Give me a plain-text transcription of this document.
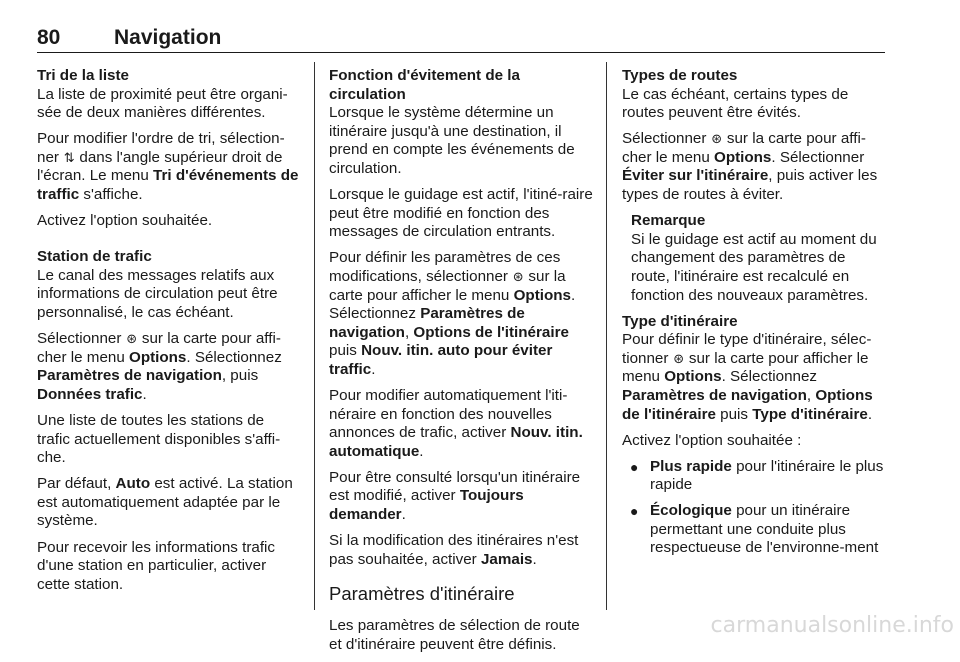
80	Navigation
Tri de la liste

La liste de proximité peut être organi-sée de deux manières différentes.

Pour modifier l'ordre de tri, sélection-ner ⇅ dans l'angle supérieur droit de l'écran. Le menu Tri d'événements de traffic s'affiche.

Activez l'option souhaitée.

Station de trafic

Le canal des messages relatifs aux informations de circulation peut être personnalisé, le cas échéant.

Sélectionner ⊛ sur la carte pour affi-cher le menu Options. Sélectionnez Paramètres de navigation, puis Données trafic.

Une liste de toutes les stations de trafic actuellement disponibles s'affi-che.

Par défaut, Auto est activé. La station est automatiquement adaptée par le système.

Pour recevoir les informations trafic d'une station en particulier, activer cette station.

Fonction d'évitement de la circulation

Lorsque le système détermine un itinéraire jusqu'à une destination, il prend en compte les événements de circulation.

Lorsque le guidage est actif, l'itiné-raire peut être modifié en fonction des messages de circulation entrants.

Pour définir les paramètres de ces modifications, sélectionner ⊛ sur la carte pour afficher le menu Options. Sélectionnez Paramètres de navigation, Options de l'itinéraire puis Nouv. itin. auto pour éviter traffic.

Pour modifier automatiquement l'iti-néraire en fonction des nouvelles annonces de trafic, activer Nouv. itin. automatique.

Pour être consulté lorsqu'un itinéraire est modifié, activer Toujours demander.

Si la modification des itinéraires n'est pas souhaitée, activer Jamais.

Paramètres d'itinéraire

Les paramètres de sélection de route et d'itinéraire peuvent être définis.

Types de routes

Le cas échéant, certains types de routes peuvent être évités.

Sélectionner ⊛ sur la carte pour affi-cher le menu Options. Sélectionner Éviter sur l'itinéraire, puis activer les types de routes à éviter.

Remarque

Si le guidage est actif au moment du changement des paramètres de route, l'itinéraire est recalculé en fonction des nouveaux paramètres.

Type d'itinéraire

Pour définir le type d'itinéraire, sélec-tionner ⊛ sur la carte pour afficher le menu Options. Sélectionnez Paramètres de navigation, Options de l'itinéraire puis Type d'itinéraire.

Activez l'option souhaitée :

● Plus rapide pour l'itinéraire le plus rapide
● Écologique pour un itinéraire permettant une conduite plus respectueuse de l'environne-ment
carmanualsonline.info
